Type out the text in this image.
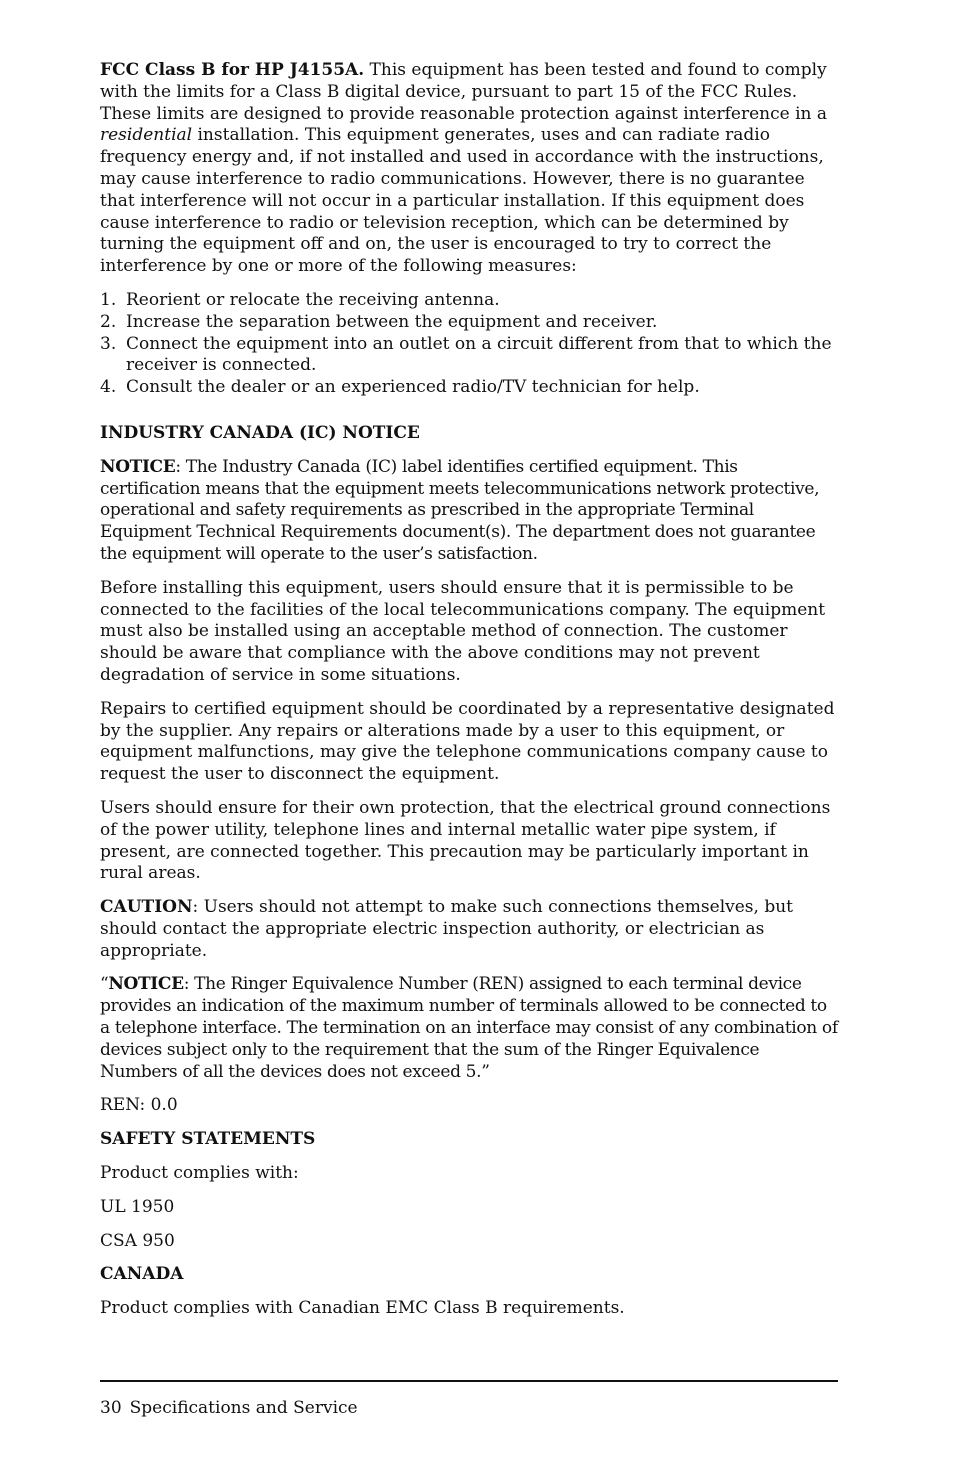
FCC Class B for HP J4155A. This equipment has been tested and found to comply with the limits for a Class B digital device, pursuant to part 15 of the FCC Rules. These limits are designed to provide reasonable protection against interference in a residential installation. This equipment generates, uses and can radiate radio frequency energy and, if not installed and used in accordance with the instructions, may cause interference to radio communications. However, there is no guarantee that interference will not occur in a particular installation. If this equipment does cause interference to radio or television reception, which can be determined by turning the equipment off and on, the user is encouraged to try to correct the interference by one or more of the following measures:

1. Reorient or relocate the receiving antenna.
2. Increase the separation between the equipment and receiver.
3. Connect the equipment into an outlet on a circuit different from that to which the receiver is connected.
4. Consult the dealer or an experienced radio/TV technician for help.
INDUSTRY CANADA (IC) NOTICE

NOTICE: The Industry Canada (IC) label identifies certified equipment. This certification means that the equipment meets telecommunications network protective, operational and safety requirements as prescribed in the appropriate Terminal Equipment Technical Requirements document(s). The department does not guarantee the equipment will operate to the user’s satisfaction.

Before installing this equipment, users should ensure that it is permissible to be connected to the facilities of the local telecommunications company. The equipment must also be installed using an acceptable method of connection. The customer should be aware that compliance with the above conditions may not prevent degradation of service in some situations.

Repairs to certified equipment should be coordinated by a representative designated by the supplier. Any repairs or alterations made by a user to this equipment, or equipment malfunctions, may give the telephone communications company cause to request the user to disconnect the equipment.

Users should ensure for their own protection, that the electrical ground connections of the power utility, telephone lines and internal metallic water pipe system, if present, are connected together. This precaution may be particularly important in rural areas.

CAUTION: Users should not attempt to make such connections themselves, but should contact the appropriate electric inspection authority, or electrician as appropriate.

“NOTICE: The Ringer Equivalence Number (REN) assigned to each terminal device provides an indication of the maximum number of terminals allowed to be connected to a telephone interface. The termination on an interface may consist of any combination of devices subject only to the requirement that the sum of the Ringer Equivalence Numbers of all the devices does not exceed 5.”

REN: 0.0

SAFETY STATEMENTS

Product complies with:

UL 1950

CSA 950

CANADA

Product complies with Canadian EMC Class B requirements.

30 Specifications and Service
